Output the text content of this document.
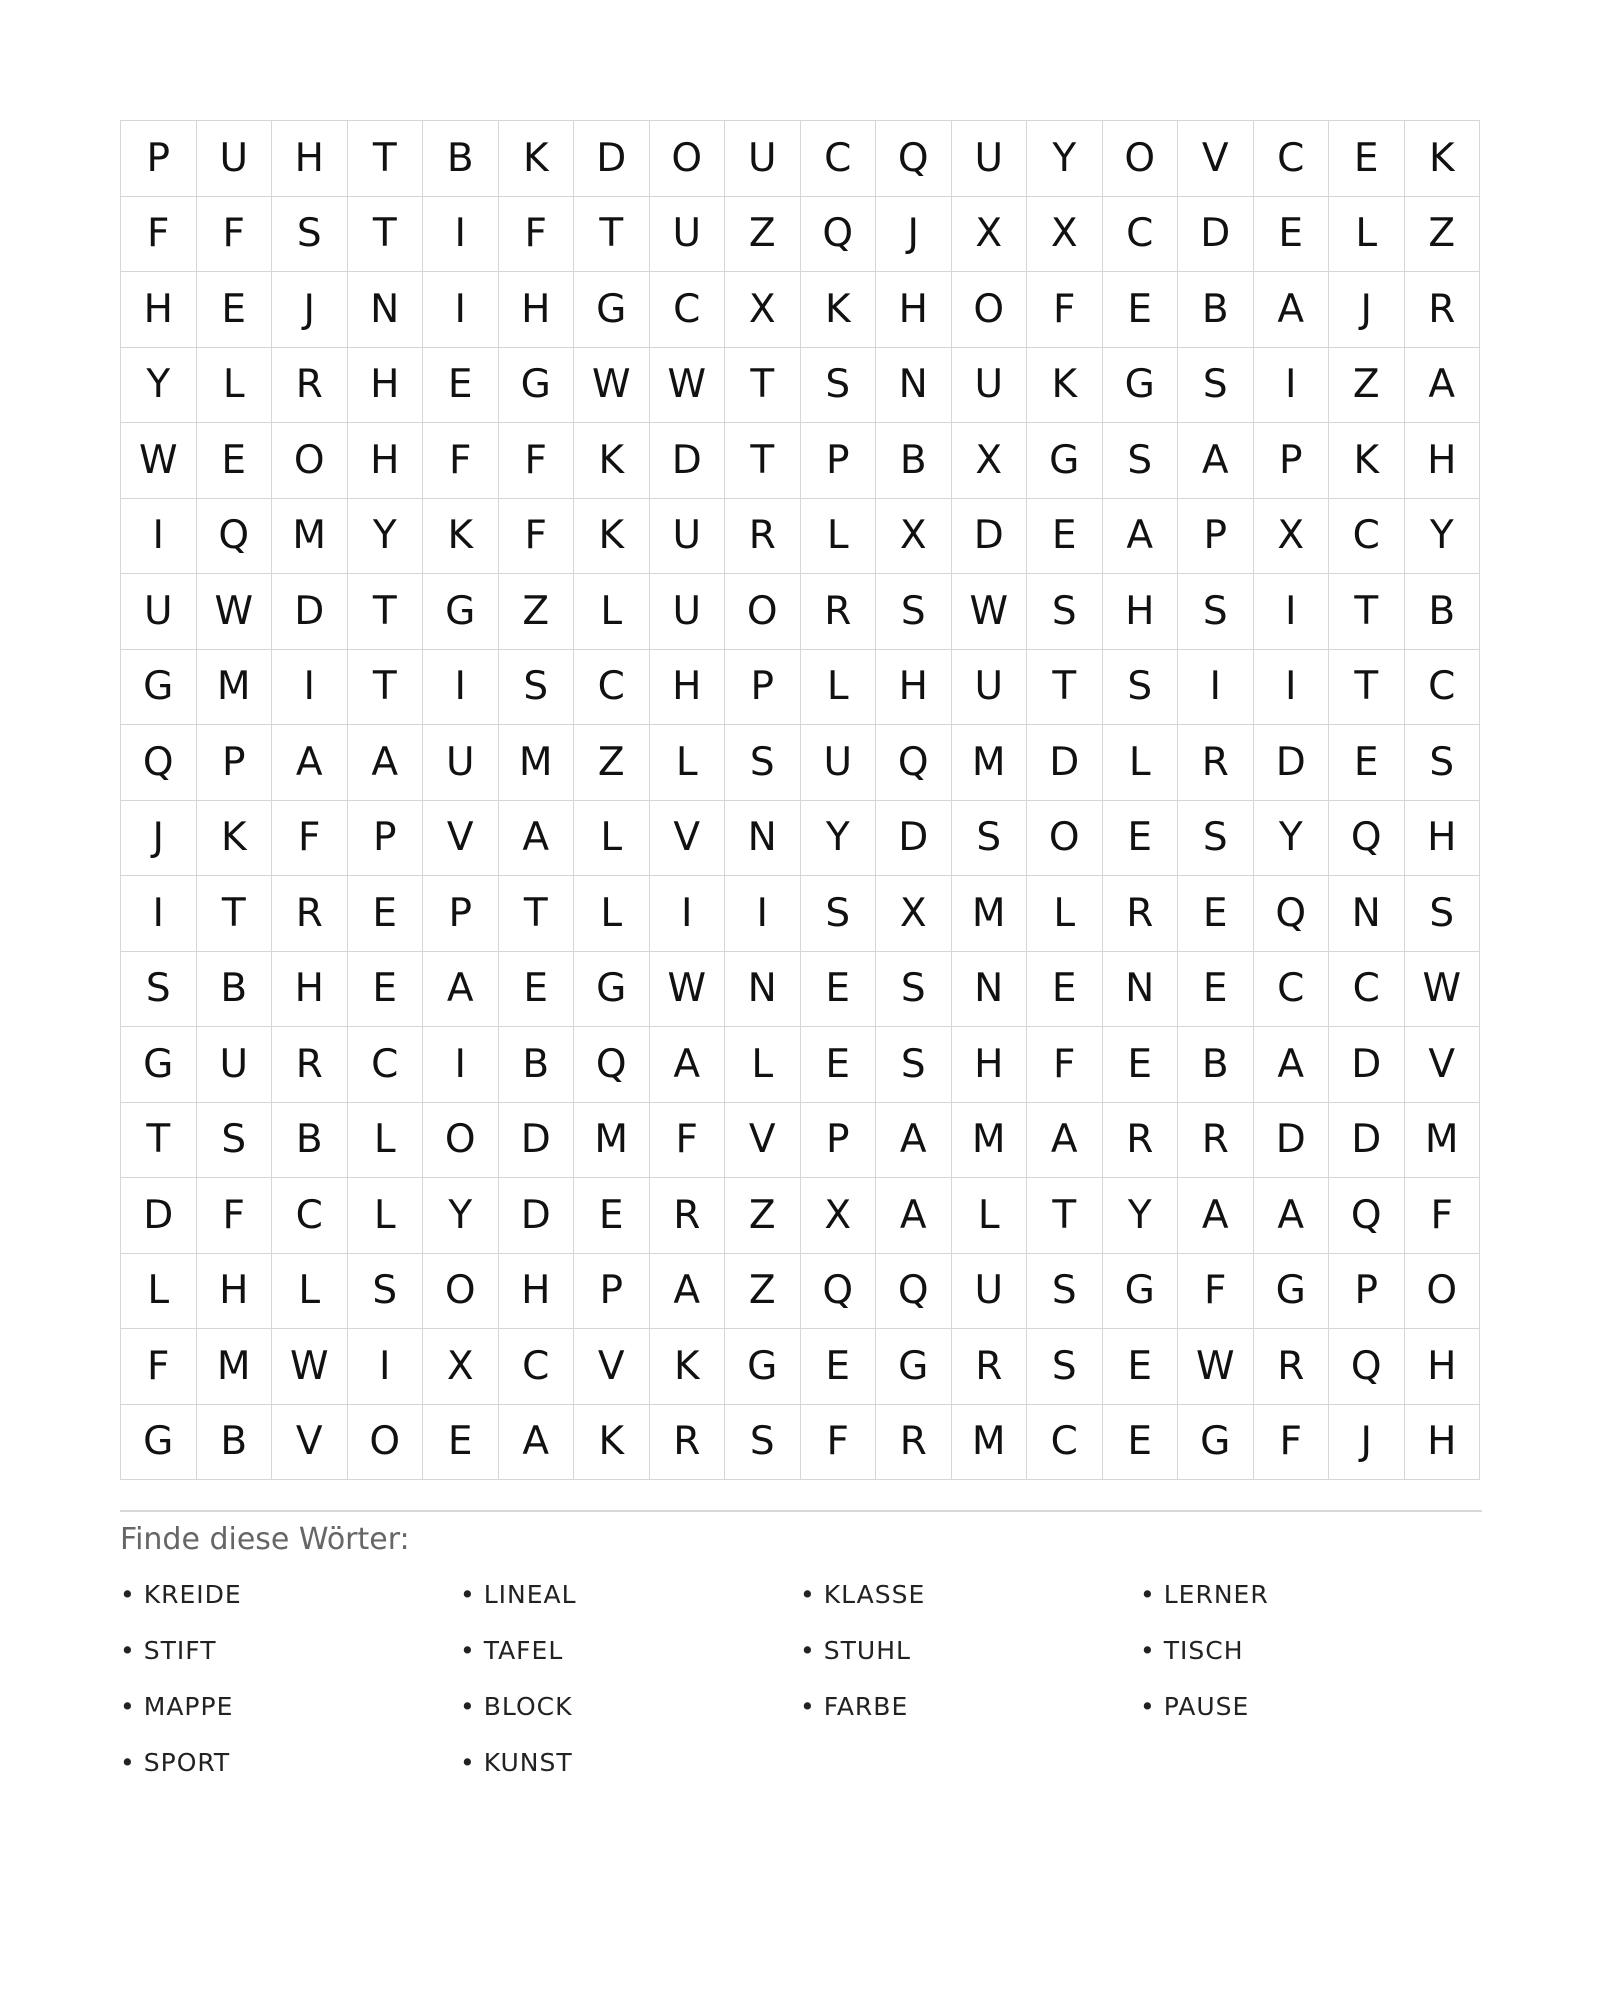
P	U	H	T	B	K	D	O	U	C	Q	U	Y	O	V	C	E	K
F	F	S	T	I	F	T	U	Z	Q	J	X	X	C	D	E	L	Z
H	E	J	N	I	H	G	C	X	K	H	O	F	E	B	A	J	R
Y	L	R	H	E	G	W W	T	S	N	U	K	G	S	I	Z	A
W	E	O	H	F	F	K	D	T	P	B	X	G	S	A	P	K	H
I	Q	M	Y	K	F	K	U	R	L	X	D	E	A	P	X	C	Y
U	W	D	T	G	Z	L	U	O	R	S	W	S	H	S	I	T	B
G	M	I	T	I	S	C	H	P	L	H	U	T	S	I	I	T	C
Q	P	A	A	U	M	Z	L	S	U	Q	M	D	L	R	D	E	S
J	K	F	P	V	A	L	V	N	Y	D	S	O	E	S	Y	Q	H
I	T	R	E	P	T	L	I	I	S	X	M	L	R	E	Q	N	S
S	B	H	E	A	E	G	W	N	E	S	N	E	N	E	C	C	W
G	U	R	C	I	B	Q	A	L	E	S	H	F	E	B	A	D	V
T	S	B	L	O	D	M	F	V	P	A	M	A	R	R	D	D	M
D	F	C	L	Y	D	E	R	Z	X	A	L	T	Y	A	A	Q	F
L	H	L	S	O	H	P	A	Z	Q	Q	U	S	G	F	G	P	O
F	M	W	I	X	C	V	K	G	E	G	R	S	E	W	R	Q	H
G	B	V	O	E	A	K	R	S	F	R	M	C	E	G	F	J	H
Finde diese Wörter:
• KREIDE	• LINEAL	• KLASSE	• LERNER
• STIFT	• TAFEL	• STUHL	• TISCH
• MAPPE	• BLOCK	• FARBE	• PAUSE
• SPORT	• KUNST
